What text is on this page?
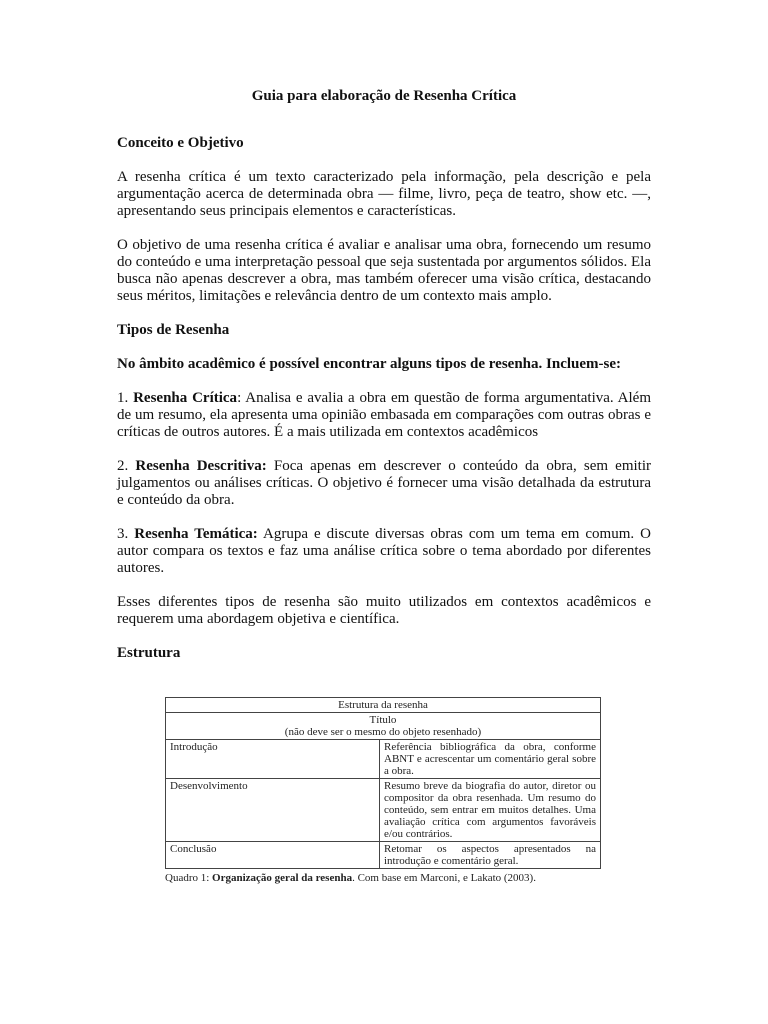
Guia para elaboração de Resenha Crítica
Conceito e Objetivo

A resenha crítica é um texto caracterizado pela informação, pela descrição e pela argumentação acerca de determinada obra — filme, livro, peça de teatro, show etc. —, apresentando seus principais elementos e características.

O objetivo de uma resenha crítica é avaliar e analisar uma obra, fornecendo um resumo do conteúdo e uma interpretação pessoal que seja sustentada por argumentos sólidos. Ela busca não apenas descrever a obra, mas também oferecer uma visão crítica, destacando seus méritos, limitações e relevância dentro de um contexto mais amplo.

Tipos de Resenha

No âmbito acadêmico é possível encontrar alguns tipos de resenha. Incluem-se:

1. Resenha Crítica: Analisa e avalia a obra em questão de forma argumentativa. Além de um resumo, ela apresenta uma opinião embasada em comparações com outras obras e críticas de outros autores. É a mais utilizada em contextos acadêmicos

2. Resenha Descritiva: Foca apenas em descrever o conteúdo da obra, sem emitir julgamentos ou análises críticas. O objetivo é fornecer uma visão detalhada da estrutura e conteúdo da obra.

3. Resenha Temática: Agrupa e discute diversas obras com um tema em comum. O autor compara os textos e faz uma análise crítica sobre o tema abordado por diferentes autores.

Esses diferentes tipos de resenha são muito utilizados em contextos acadêmicos e requerem uma abordagem objetiva e científica.

Estrutura
Estrutura da resenha	

Título
(não deve ser o mesmo do objeto resenhado)	

Introdução	Referência bibliográfica da obra, conforme ABNT e acrescentar um comentário geral sobre a obra.
Desenvolvimento	Resumo breve da biografia do autor, diretor ou compositor da obra resenhada. Um resumo do conteúdo, sem entrar em muitos detalhes. Uma avaliação crítica com argumentos favoráveis e/ou contrários.
Conclusão	Retomar os aspectos apresentados na introdução e comentário geral.
Quadro 1: Organização geral da resenha. Com base em Marconi, e Lakato (2003).
